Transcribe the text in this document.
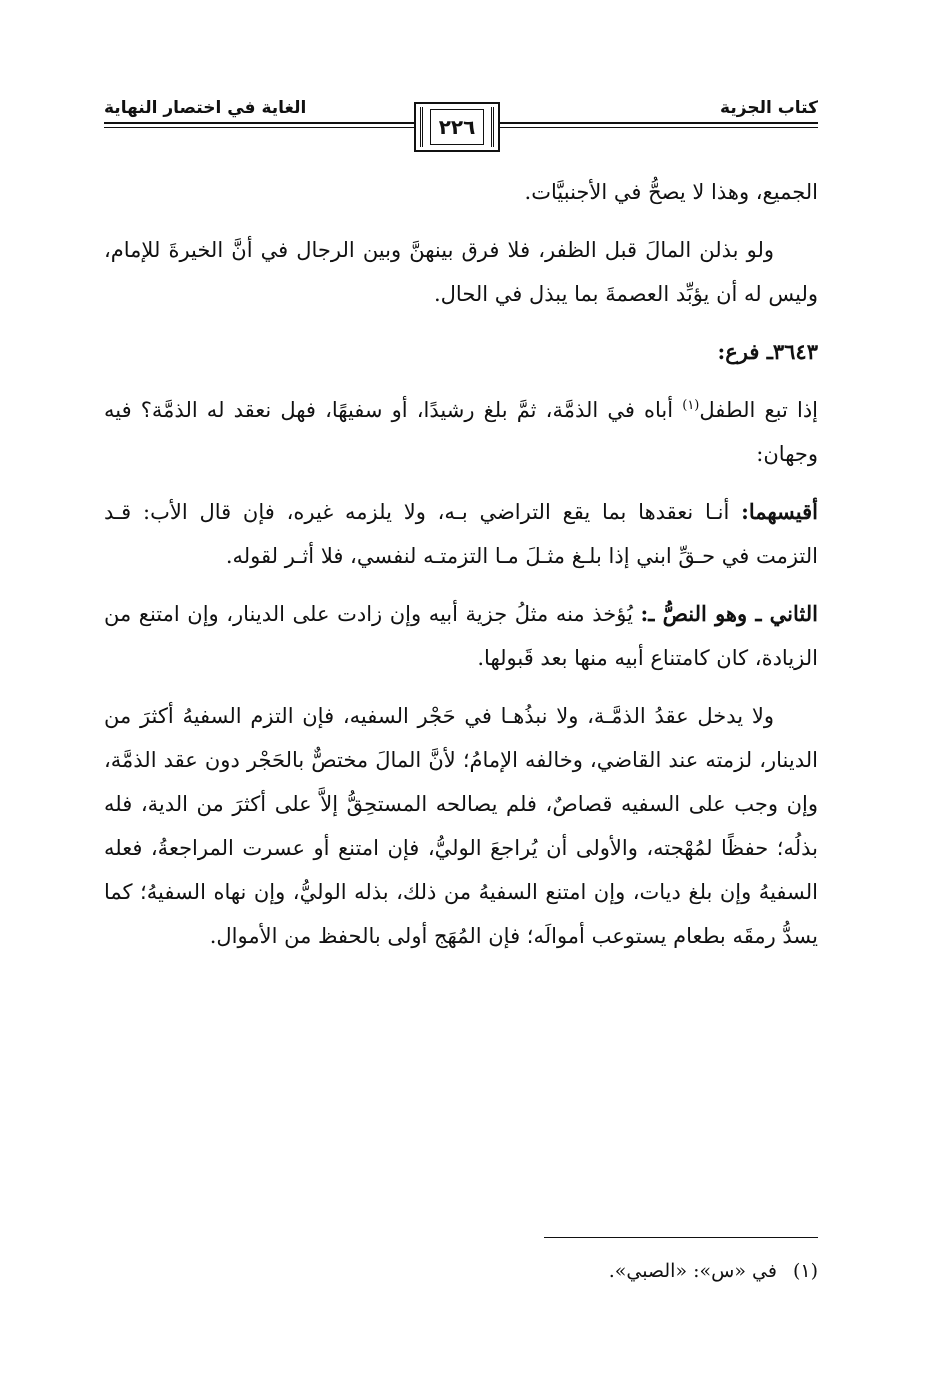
كتاب الجزية
الغاية في اختصار النهاية
٢٢٦

الجميع، وهذا لا يصحُّ في الأجنبيَّات.

ولو بذلن المالَ قبل الظفر، فلا فرق بينهنَّ وبين الرجال في أنَّ الخيرةَ للإمام، وليس له أن يؤبِّد العصمةَ بما يبذل في الحال.

٣٦٤٣ـ فرع:

إذا تبع الطفل$^{(١)}$ أباه في الذمَّة، ثمَّ بلغ رشيدًا، أو سفيهًا، فهل نعقد له الذمَّة؟ فيه وجهان:

أقيسهما: أنـا نعقدها بما يقع التراضي بـه، ولا يلزمه غيره، فإن قال الأب: قـد التزمت في حـقِّ ابني إذا بلـغ مثـلَ مـا التزمتـه لنفسي، فلا أثـر لقوله.

الثاني ـ وهو النصُّ ـ: يُؤخذ منه مثلُ جزية أبيه وإن زادت على الدينار، وإن امتنع من الزيادة، كان كامتناع أبيه منها بعد قَبولها.

ولا يدخل عقدُ الذمَّـة، ولا نبذُهـا في حَجْر السفيه، فإن التزم السفيهُ أكثرَ من الدينار، لزمته عند القاضي، وخالفه الإمامُ؛ لأنَّ المالَ مختصٌّ بالحَجْر دون عقد الذمَّة، وإن وجب على السفيه قصاصٌ، فلم يصالحه المستحِقُّ إلاَّ على أكثرَ من الدية، فله بذلُه؛ حفظًا لمُهْجته، والأولى أن يُراجعَ الوليُّ، فإن امتنع أو عسرت المراجعةُ، فعله السفيهُ وإن بلغ ديات، وإن امتنع السفيهُ من ذلك، بذله الوليُّ، وإن نهاه السفيهُ؛ كما يسدُّ رمقَه بطعام يستوعب أموالَه؛ فإن المُهَج أولى بالحفظ من الأموال.

(١)في «س»: «الصبي».
